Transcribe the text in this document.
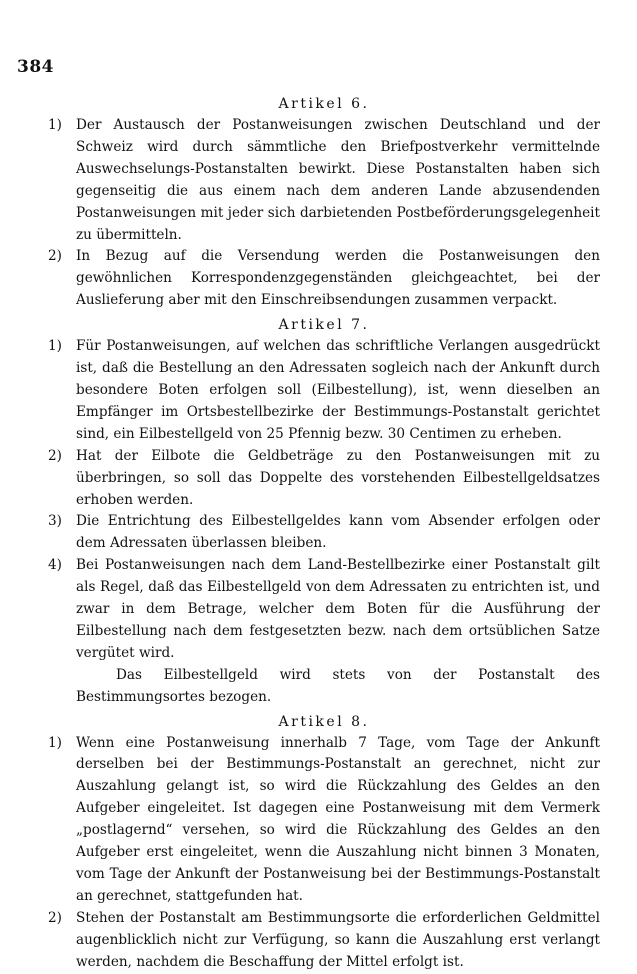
384
Artikel 6.
1) Der Austausch der Postanweisungen zwischen Deutschland und der Schweiz wird durch sämmtliche den Briefpostverkehr vermittelnde Auswechselungs-Postanstalten bewirkt. Diese Postanstalten haben sich gegenseitig die aus einem nach dem anderen Lande abzusendenden Postanweisungen mit jeder sich darbietenden Postbeförderungsgelegenheit zu übermitteln.
2) In Bezug auf die Versendung werden die Postanweisungen den gewöhnlichen Korrespondenzgegenständen gleichgeachtet, bei der Auslieferung aber mit den Einschreibsendungen zusammen verpackt.
Artikel 7.
1) Für Postanweisungen, auf welchen das schriftliche Verlangen ausgedrückt ist, daß die Bestellung an den Adressaten sogleich nach der Ankunft durch besondere Boten erfolgen soll (Eilbestellung), ist, wenn dieselben an Empfänger im Ortsbestellbezirke der Bestimmungs-Postanstalt gerichtet sind, ein Eilbestellgeld von 25 Pfennig bezw. 30 Centimen zu erheben.
2) Hat der Eilbote die Geldbeträge zu den Postanweisungen mit zu überbringen, so soll das Doppelte des vorstehenden Eilbestellgeldsatzes erhoben werden.
3) Die Entrichtung des Eilbestellgeldes kann vom Absender erfolgen oder dem Adressaten überlassen bleiben.
4) Bei Postanweisungen nach dem Land-Bestellbezirke einer Postanstalt gilt als Regel, daß das Eilbestellgeld von dem Adressaten zu entrichten ist, und zwar in dem Betrage, welcher dem Boten für die Ausführung der Eilbestellung nach dem festgesetzten bezw. nach dem ortsüblichen Satze vergütet wird.
Das Eilbestellgeld wird stets von der Postanstalt des Bestimmungsortes bezogen.
Artikel 8.
1) Wenn eine Postanweisung innerhalb 7 Tage, vom Tage der Ankunft derselben bei der Bestimmungs-Postanstalt an gerechnet, nicht zur Auszahlung gelangt ist, so wird die Rückzahlung des Geldes an den Aufgeber eingeleitet. Ist dagegen eine Postanweisung mit dem Vermerk „postlagernd“ versehen, so wird die Rückzahlung des Geldes an den Aufgeber erst eingeleitet, wenn die Auszahlung nicht binnen 3 Monaten, vom Tage der Ankunft der Postanweisung bei der Bestimmungs-Postanstalt an gerechnet, stattgefunden hat.
2) Stehen der Postanstalt am Bestimmungsorte die erforderlichen Geldmittel augenblicklich nicht zur Verfügung, so kann die Auszahlung erst verlangt werden, nachdem die Beschaffung der Mittel erfolgt ist.
